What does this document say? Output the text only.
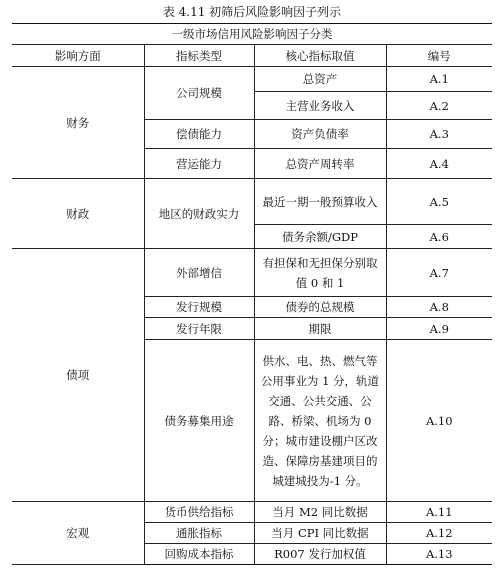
表 4.11 初筛后风险影响因子列示
一级市场信用风险影响因子分类			
影响方面	指标类型	核心指标取值	编号
财务	公司规模	总资产	A.1
		主营业务收入	A.2
	偿债能力	资产负债率	A.3
	营运能力	总资产周转率	A.4
财政	地区的财政实力	最近一期一般预算收入	A.5
		债务余额/GDP	A.6
债项	外部增信	有担保和无担保分别取值 0 和 1	A.7
	发行规模	债券的总规模	A.8
	发行年限	期限	A.9
	债务募集用途	供水、电、热、燃气等公用事业为 1 分，轨道交通、公共交通、公路、桥梁、机场为 0 分；城市建设棚户区改造、保障房基建项目的城建城投为-1 分。	A.10
宏观	货币供给指标	当月 M2 同比数据	A.11
	通胀指标	当月 CPI 同比数据	A.12
	回购成本指标	R007 发行加权值	A.13
